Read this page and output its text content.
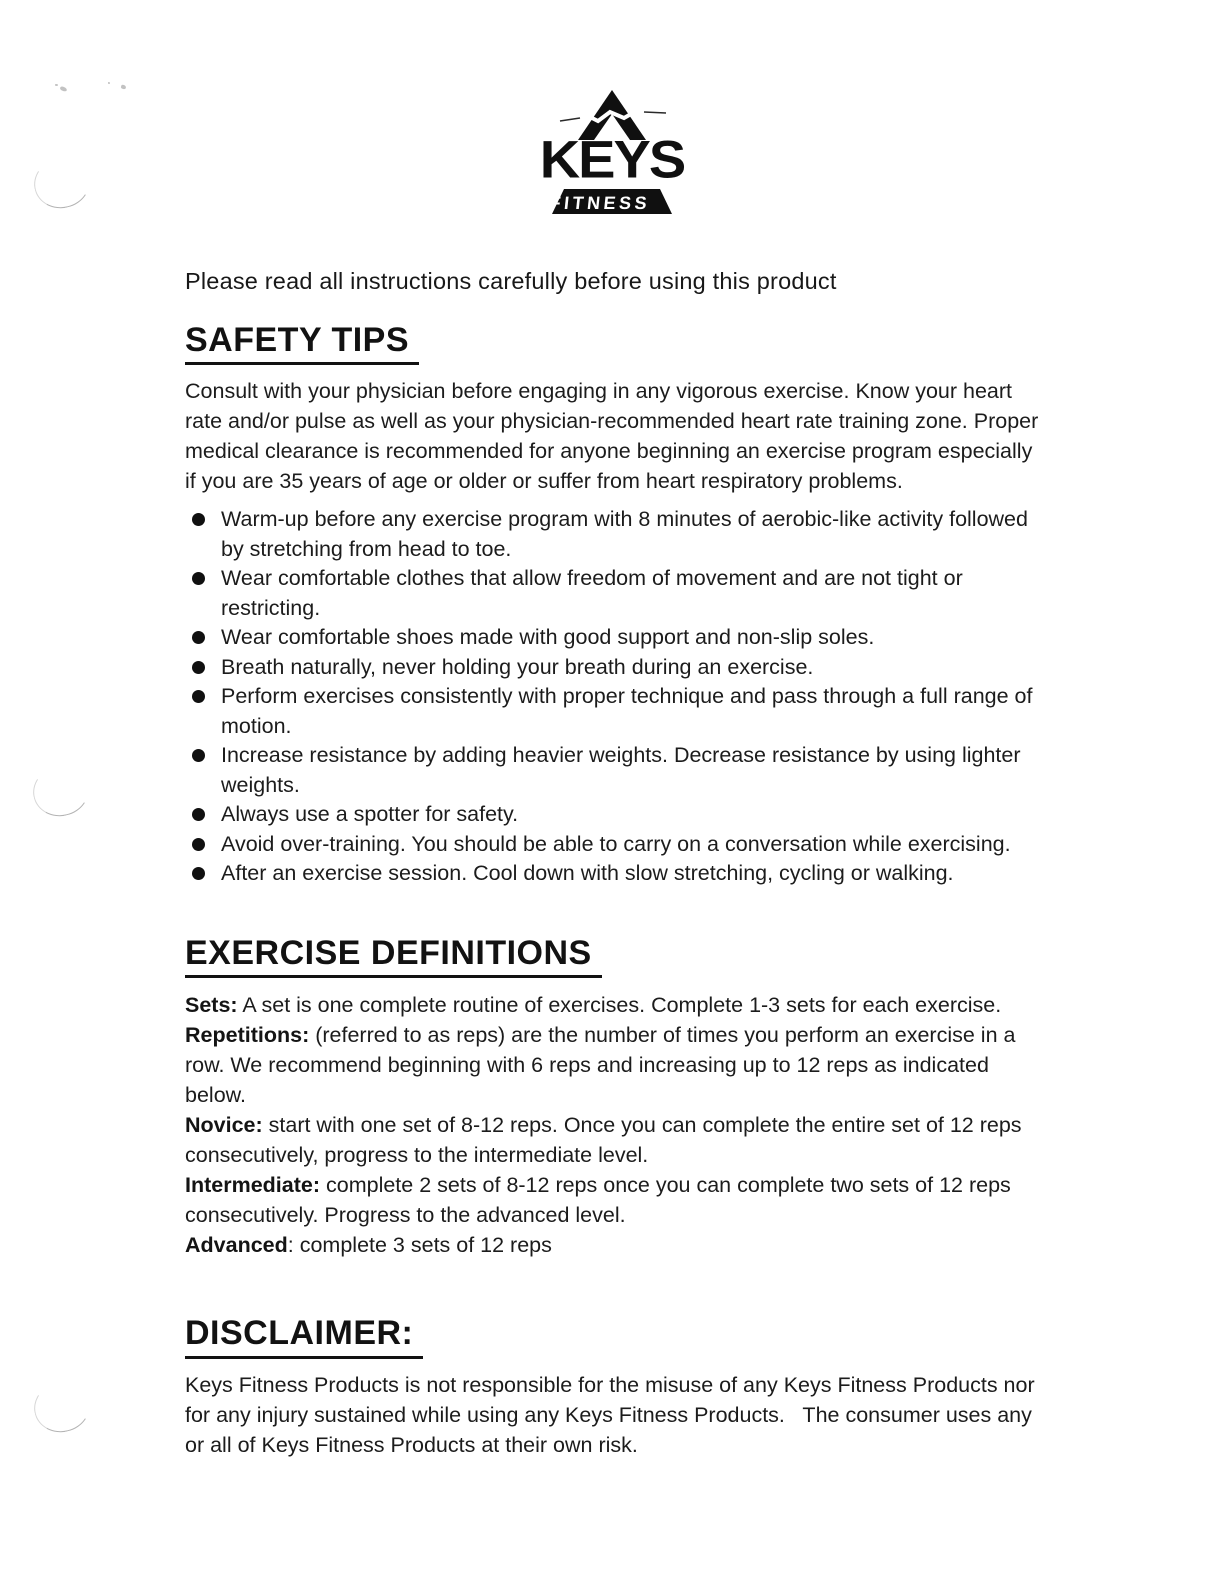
KEYS
FITNESS
Please read all instructions carefully before using this product
SAFETY TIPS

Consult with your physician before engaging in any vigorous exercise. Know your heart rate and/or pulse as well as your physician-recommended heart rate training zone. Proper medical clearance is recommended for anyone beginning an exercise program especially if you are 35 years of age or older or suffer from heart respiratory problems.

Warm-up before any exercise program with 8 minutes of aerobic-like activity followed by stretching from head to toe.
Wear comfortable clothes that allow freedom of movement and are not tight or restricting.
Wear comfortable shoes made with good support and non-slip soles.
Breath naturally, never holding your breath during an exercise.
Perform exercises consistently with proper technique and pass through a full range of motion.
Increase resistance by adding heavier weights. Decrease resistance by using lighter weights.
Always use a spotter for safety.
Avoid over-training. You should be able to carry on a conversation while exercising.
After an exercise session. Cool down with slow stretching, cycling or walking.
EXERCISE DEFINITIONS

Sets: A set is one complete routine of exercises. Complete 1-3 sets for each exercise.

Repetitions: (referred to as reps) are the number of times you perform an exercise in a row. We recommend beginning with 6 reps and increasing up to 12 reps as indicated below.

Novice: start with one set of 8-12 reps. Once you can complete the entire set of 12 reps consecutively, progress to the intermediate level.

Intermediate: complete 2 sets of 8-12 reps once you can complete two sets of 12 reps consecutively. Progress to the advanced level.

Advanced: complete 3 sets of 12 reps

DISCLAIMER:

Keys Fitness Products is not responsible for the misuse of any Keys Fitness Products nor for any injury sustained while using any Keys Fitness Products.   The consumer uses any or all of Keys Fitness Products at their own risk.
